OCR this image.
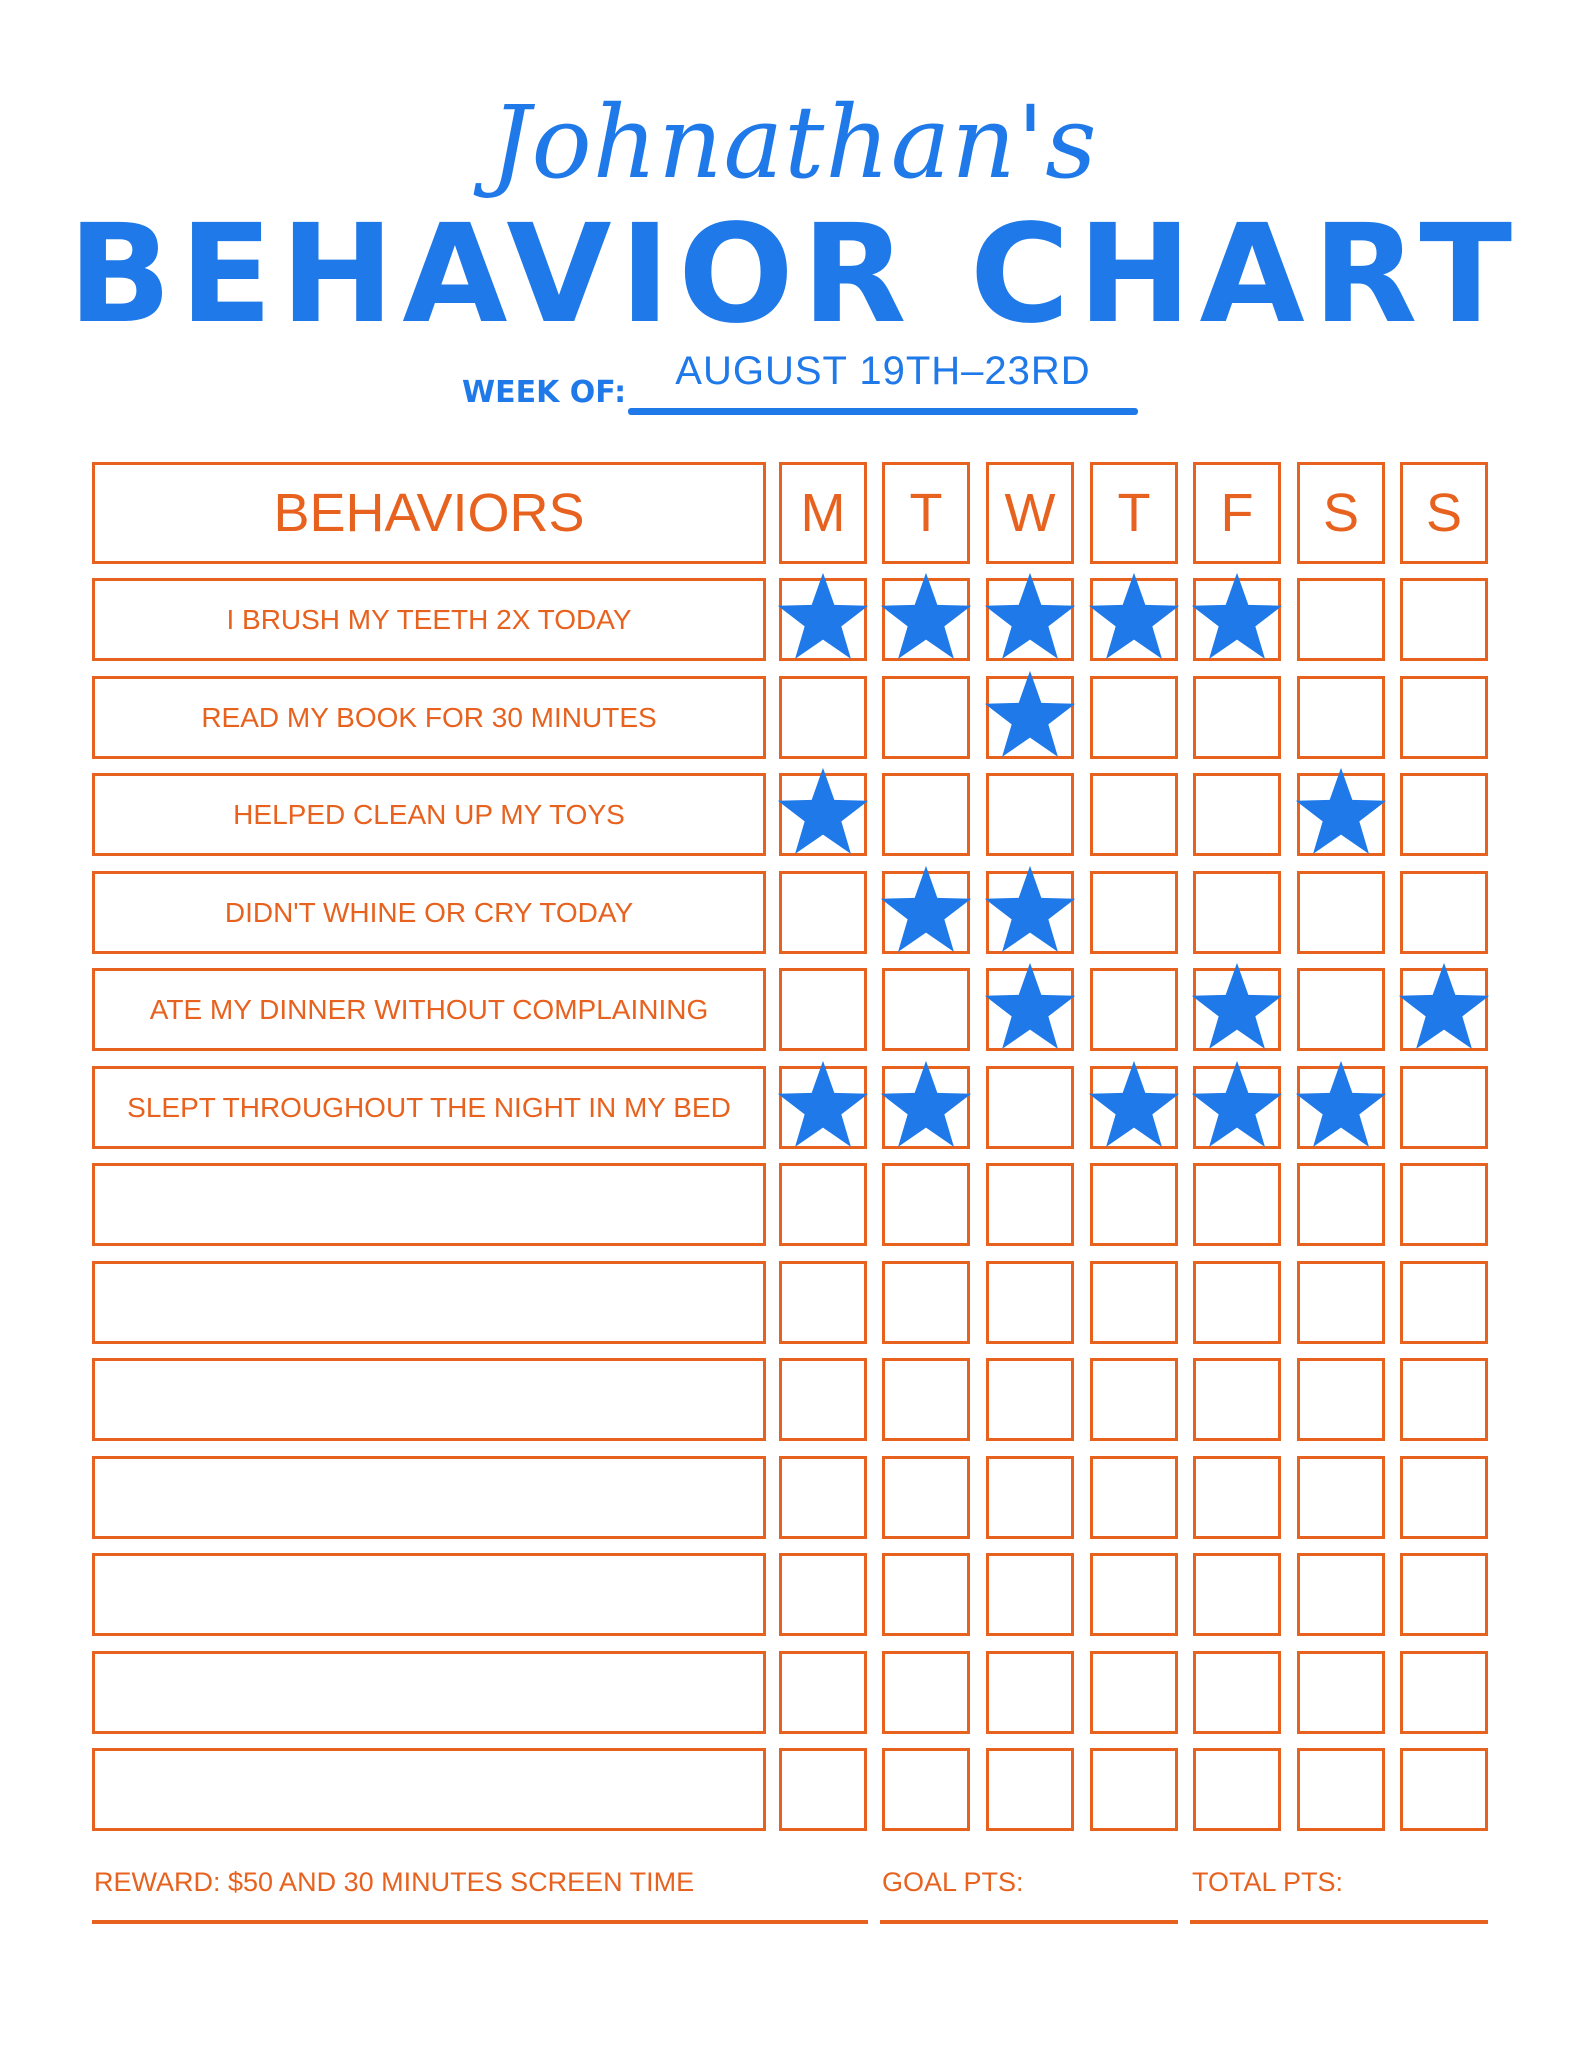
Johnathan's
BEHAVIOR CHART
WEEK OF:	AUGUST 19TH–23RD
BEHAVIORS	M	T	W	T	F	S	S
I BRUSH MY TEETH 2X TODAY
READ MY BOOK FOR 30 MINUTES
HELPED CLEAN UP MY TOYS
DIDN'T WHINE OR CRY TODAY
ATE MY DINNER WITHOUT COMPLAINING
SLEPT THROUGHOUT THE NIGHT IN MY BED
REWARD: $50 AND 30 MINUTES SCREEN TIME	GOAL PTS:	TOTAL PTS:
